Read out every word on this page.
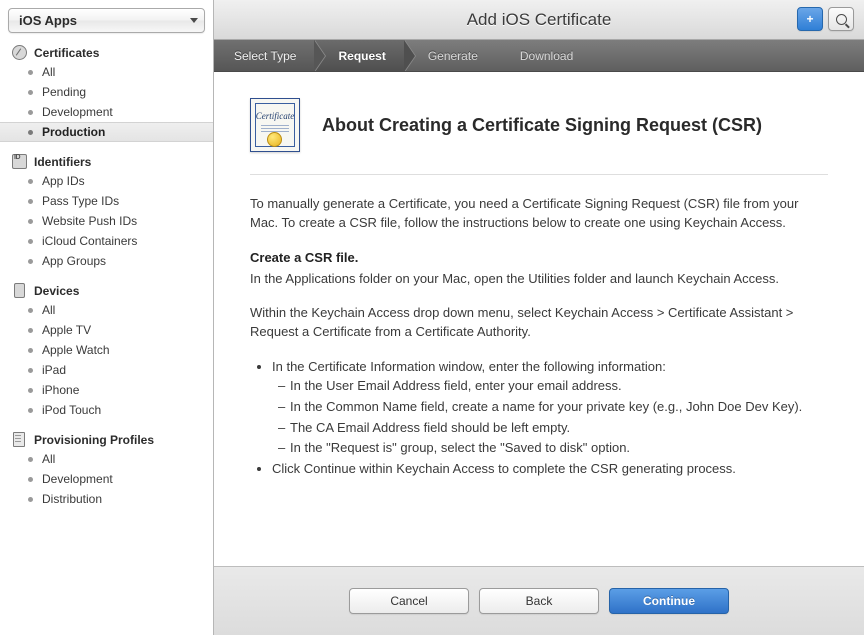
iOS Apps
Certificates
All
Pending
Development
Production
ID
Identifiers
App IDs
Pass Type IDs
Website Push IDs
iCloud Containers
App Groups
Devices
All
Apple TV
Apple Watch
iPad
iPhone
iPod Touch
Provisioning Profiles
All
Development
Distribution
Add iOS Certificate	+
Select Type	Request	Generate	Download
Certificate About Creating a Certificate Signing Request (CSR)

To manually generate a Certificate, you need a Certificate Signing Request (CSR) file from your Mac. To create a CSR file, follow the instructions below to create one using Keychain Access.

Create a CSR file.
In the Applications folder on your Mac, open the Utilities folder and launch Keychain Access.

Within the Keychain Access drop down menu, select Keychain Access > Certificate Assistant > Request a Certificate from a Certificate Authority.

• In the Certificate Information window, enter the following information:
– In the User Email Address field, enter your email address.
– In the Common Name field, create a name for your private key (e.g., John Doe Dev Key).
– The CA Email Address field should be left empty.
– In the "Request is" group, select the "Saved to disk" option.
• Click Continue within Keychain Access to complete the CSR generating process.
Cancel	Back	Continue
